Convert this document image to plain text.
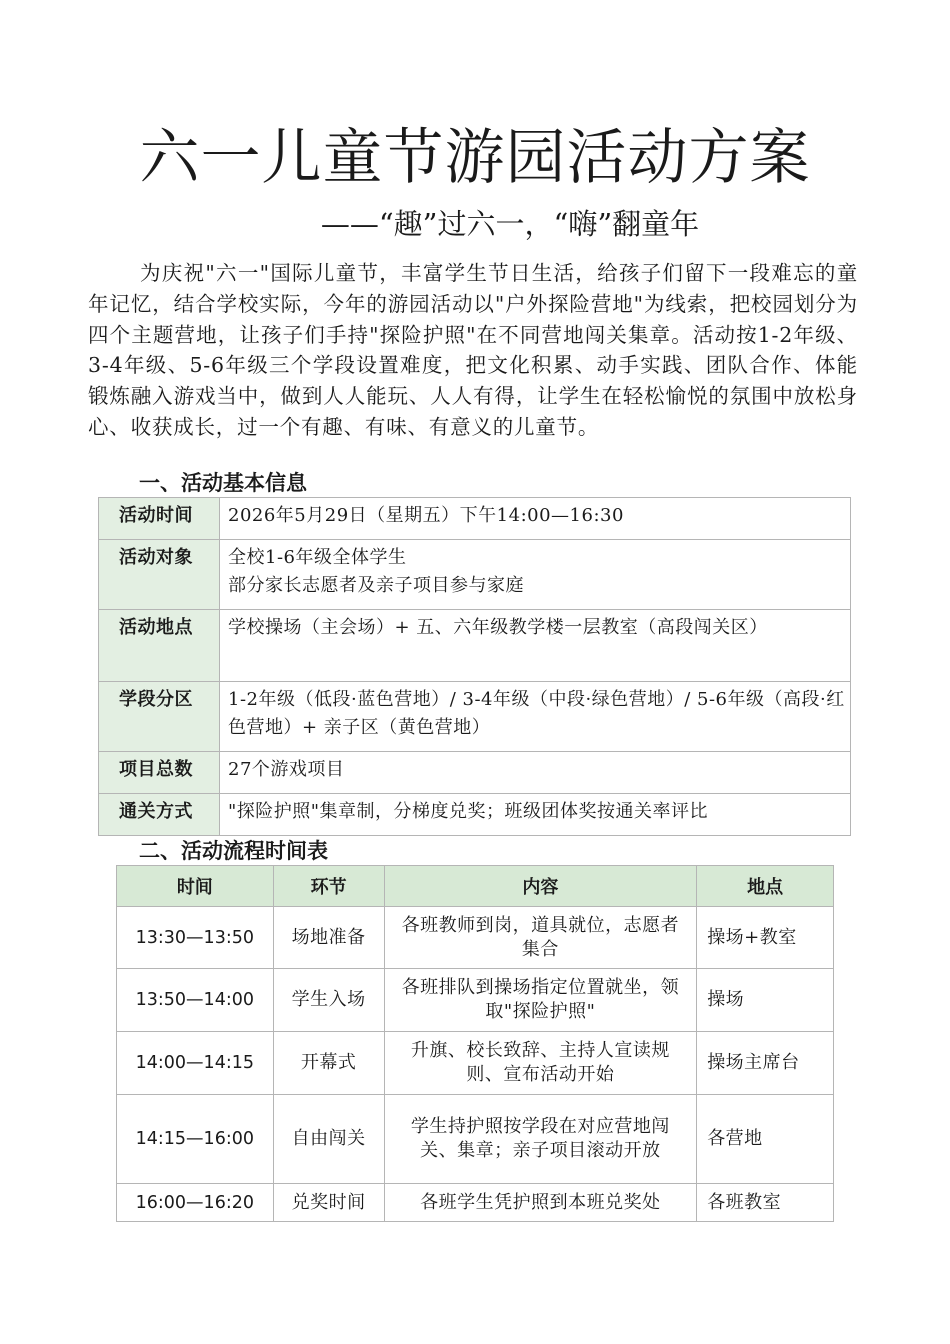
六一儿童节游园活动方案
——“趣”过六一，“嗨”翻童年
为庆祝"六一"国际儿童节，丰富学生节日生活，给孩子们留下一段难忘的童年记忆，结合学校实际，今年的游园活动以"户外探险营地"为线索，把校园划分为四个主题营地，让孩子们手持"探险护照"在不同营地闯关集章。活动按1-2年级、3-4年级、5-6年级三个学段设置难度，把文化积累、动手实践、团队合作、体能锻炼融入游戏当中，做到人人能玩、人人有得，让学生在轻松愉悦的氛围中放松身心、收获成长，过一个有趣、有味、有意义的儿童节。
一、活动基本信息
活动时间	2026年5月29日（星期五）下午14:00—16:30

活动对象	全校1-6年级全体学生
部分家长志愿者及亲子项目参与家庭

活动地点	学校操场（主会场）+ 五、六年级教学楼一层教室（高段闯关区）

学段分区	1-2年级（低段·蓝色营地）/ 3-4年级（中段·绿色营地）/ 5-6年级（高段·红色营地）+ 亲子区（黄色营地）

项目总数	27个游戏项目

通关方式	"探险护照"集章制，分梯度兑奖；班级团体奖按通关率评比
二、活动流程时间表
时间	环节	内容	地点
13:30—13:50	场地准备	各班教师到岗，道具就位，志愿者集合	操场+教室
13:50—14:00	学生入场	各班排队到操场指定位置就坐，领取"探险护照"	操场
14:00—14:15	开幕式	升旗、校长致辞、主持人宣读规则、宣布活动开始	操场主席台
14:15—16:00	自由闯关	学生持护照按学段在对应营地闯关、集章；亲子项目滚动开放	各营地
16:00—16:20	兑奖时间	各班学生凭护照到本班兑奖处	各班教室
